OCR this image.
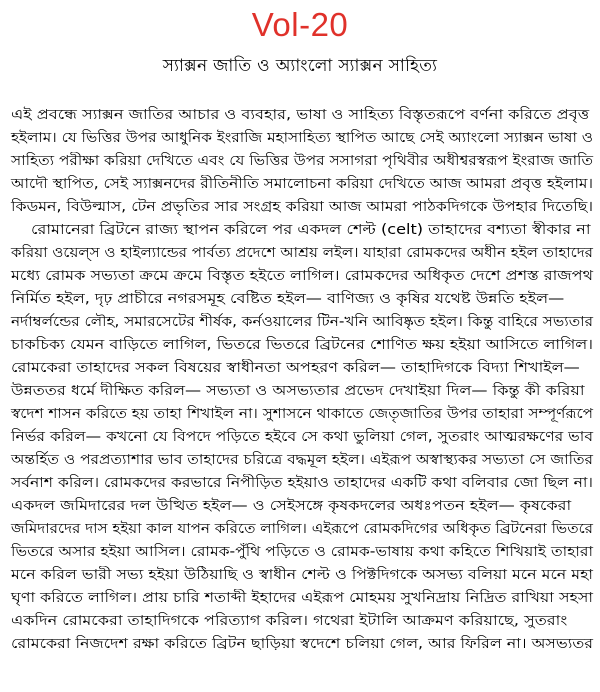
Vol-20
স্যাক্সন জাতি ও অ্যাংলো স্যাক্সন সাহিত্য
এই প্রবন্ধে স্যাক্সন জাতির আচার ও ব্যবহার, ভাষা ও সাহিত্য বিস্তৃতরূপে বর্ণনা করিতে প্রবৃত্ত
হইলাম। যে ভিত্তির উপর আধুনিক ইংরাজি মহাসাহিত্য স্থাপিত আছে সেই অ্যাংলো স্যাক্সন ভাষা ও
সাহিত্য পরীক্ষা করিয়া দেখিতে এবং যে ভিত্তির উপর সসাগরা পৃথিবীর অধীশ্বরস্বরূপ ইংরাজ জাতি
আদৌ স্থাপিত, সেই স্যাক্সনদের রীতিনীতি সমালোচনা করিয়া দেখিতে আজ আমরা প্রবৃত্ত হইলাম।
কিডমন, বিউল্মাস, টেন প্রভৃতির সার সংগ্রহ করিয়া আজ আমরা পাঠকদিগকে উপহার দিতেছি।
রোমানেরা ব্রিটনে রাজ্য স্থাপন করিলে পর একদল শেল্ট (celt) তাহাদের বশ্যতা স্বীকার না
করিয়া ওয়েল্স ও হাইল্যান্ডের পার্বত্য প্রদেশে আশ্রয় লইল। যাহারা রোমকদের অধীন হইল তাহাদের
মধ্যে রোমক সভ্যতা ক্রমে ক্রমে বিস্তৃত হইতে লাগিল। রোমকদের অধিকৃত দেশে প্রশস্ত রাজপথ
নির্মিত হইল, দৃঢ় প্রাচীরে নগরসমূহ বেষ্টিত হইল— বাণিজ্য ও কৃষির যথেষ্ট উন্নতি হইল—
নর্দাম্বর্লন্ডের লৌহ, সমারসেটের শীর্ষক, কর্নওয়ালের টিন-খনি আবিষ্কৃত হইল। কিন্তু বাহিরে সভ্যতার
চাকচিক্য যেমন বাড়িতে লাগিল, ভিতরে ভিতরে ব্রিটনের শোণিত ক্ষয় হইয়া আসিতে লাগিল।
রোমকেরা তাহাদের সকল বিষয়ের স্বাধীনতা অপহরণ করিল— তাহাদিগকে বিদ্যা শিখাইল—
উন্নততর ধর্মে দীক্ষিত করিল— সভ্যতা ও অসভ্যতার প্রভেদ দেখাইয়া দিল— কিন্তু কী করিয়া
স্বদেশ শাসন করিতে হয় তাহা শিখাইল না। সুশাসনে থাকাতে জেতৃজাতির উপর তাহারা সম্পূর্ণরূপে
নির্ভর করিল— কখনো যে বিপদে পড়িতে হইবে সে কথা ভুলিয়া গেল, সুতরাং আত্মরক্ষণের ভাব
অন্তর্হিত ও পরপ্রত্যাশার ভাব তাহাদের চরিত্রে বদ্ধমূল হইল। এইরূপ অস্বাস্থ্যকর সভ্যতা সে জাতির
সর্বনাশ করিল। রোমকদের করভারে নিপীড়িত হইয়াও তাহাদের একটি কথা বলিবার জো ছিল না।
একদল জমিদারের দল উত্থিত হইল— ও সেইসঙ্গে কৃষকদলের অধঃপতন হইল— কৃষকেরা
জমিদারদের দাস হইয়া কাল যাপন করিতে লাগিল। এইরূপে রোমকদিগের অধিকৃত ব্রিটনেরা ভিতরে
ভিতরে অসার হইয়া আসিল। রোমক-পুঁথি পড়িতে ও রোমক-ভাষায় কথা কহিতে শিখিয়াই তাহারা
মনে করিল ভারী সভ্য হইয়া উঠিয়াছি ও স্বাধীন শেল্ট ও পিক্টদিগকে অসভ্য বলিয়া মনে মনে মহা
ঘৃণা করিতে লাগিল। প্রায় চারি শতাব্দী ইহাদের এইরূপ মোহময় সুখনিদ্রায় নিদ্রিত রাখিয়া সহসা
একদিন রোমকেরা তাহাদিগকে পরিত্যাগ করিল। গথেরা ইটালি আক্রমণ করিয়াছে, সুতরাং
রোমকেরা নিজদেশ রক্ষা করিতে ব্রিটন ছাড়িয়া স্বদেশে চলিয়া গেল, আর ফিরিল না। অসভ্যতর
